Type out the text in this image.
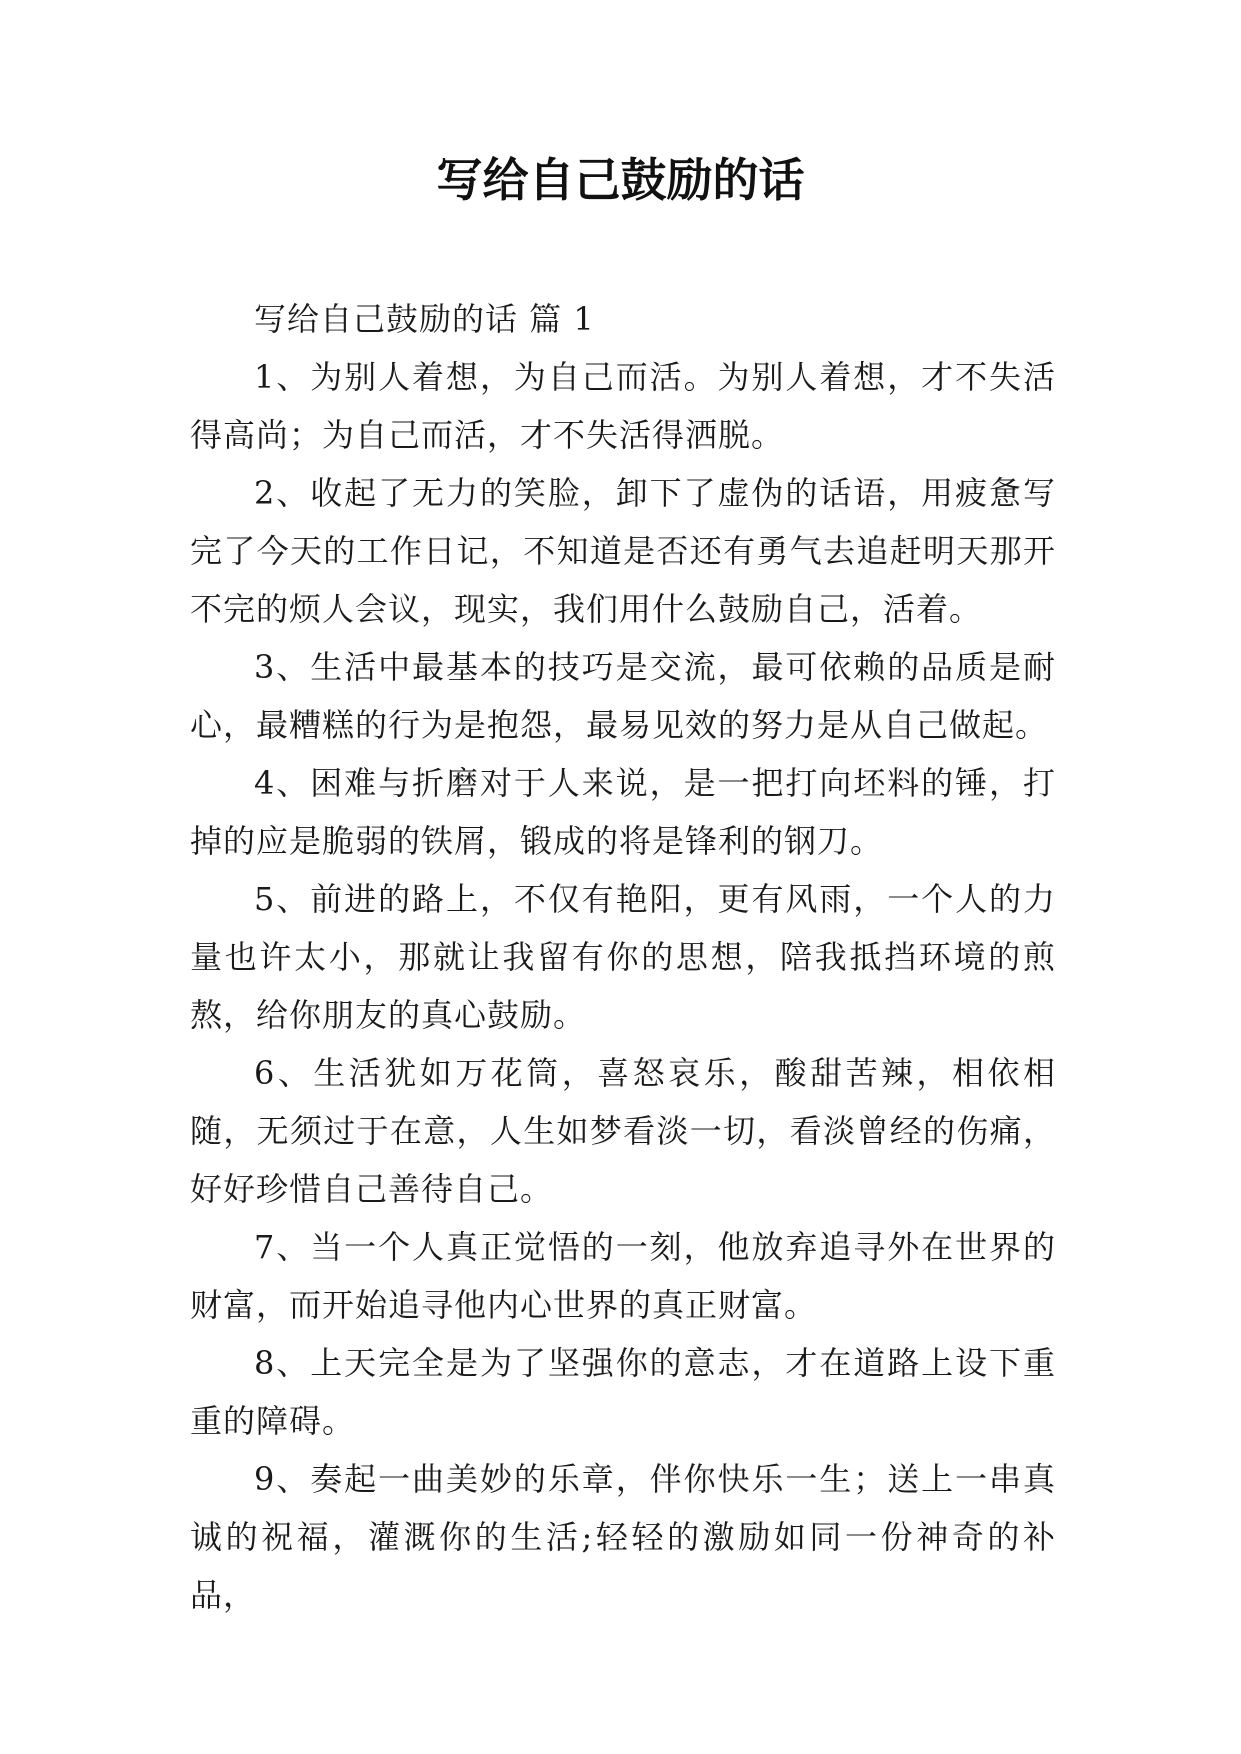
写给自己鼓励的话

写给自己鼓励的话 篇 1

1、为别人着想，为自己而活。为别人着想，才不失活得高尚；为自己而活，才不失活得洒脱。

2、收起了无力的笑脸，卸下了虚伪的话语，用疲惫写完了今天的工作日记，不知道是否还有勇气去追赶明天那开不完的烦人会议，现实，我们用什么鼓励自己，活着。

3、生活中最基本的技巧是交流，最可依赖的品质是耐心，最糟糕的行为是抱怨，最易见效的努力是从自己做起。

4、困难与折磨对于人来说，是一把打向坯料的锤，打掉的应是脆弱的铁屑，锻成的将是锋利的钢刀。

5、前进的路上，不仅有艳阳，更有风雨，一个人的力量也许太小，那就让我留有你的思想，陪我抵挡环境的煎熬，给你朋友的真心鼓励。

6、生活犹如万花筒，喜怒哀乐，酸甜苦辣，相依相随，无须过于在意，人生如梦看淡一切，看淡曾经的伤痛，好好珍惜自己善待自己。

7、当一个人真正觉悟的一刻，他放弃追寻外在世界的财富，而开始追寻他内心世界的真正财富。

8、上天完全是为了坚强你的意志，才在道路上设下重重的障碍。

9、奏起一曲美妙的乐章，伴你快乐一生；送上一串真诚的祝福，灌溉你的生活;轻轻的激励如同一份神奇的补品，
